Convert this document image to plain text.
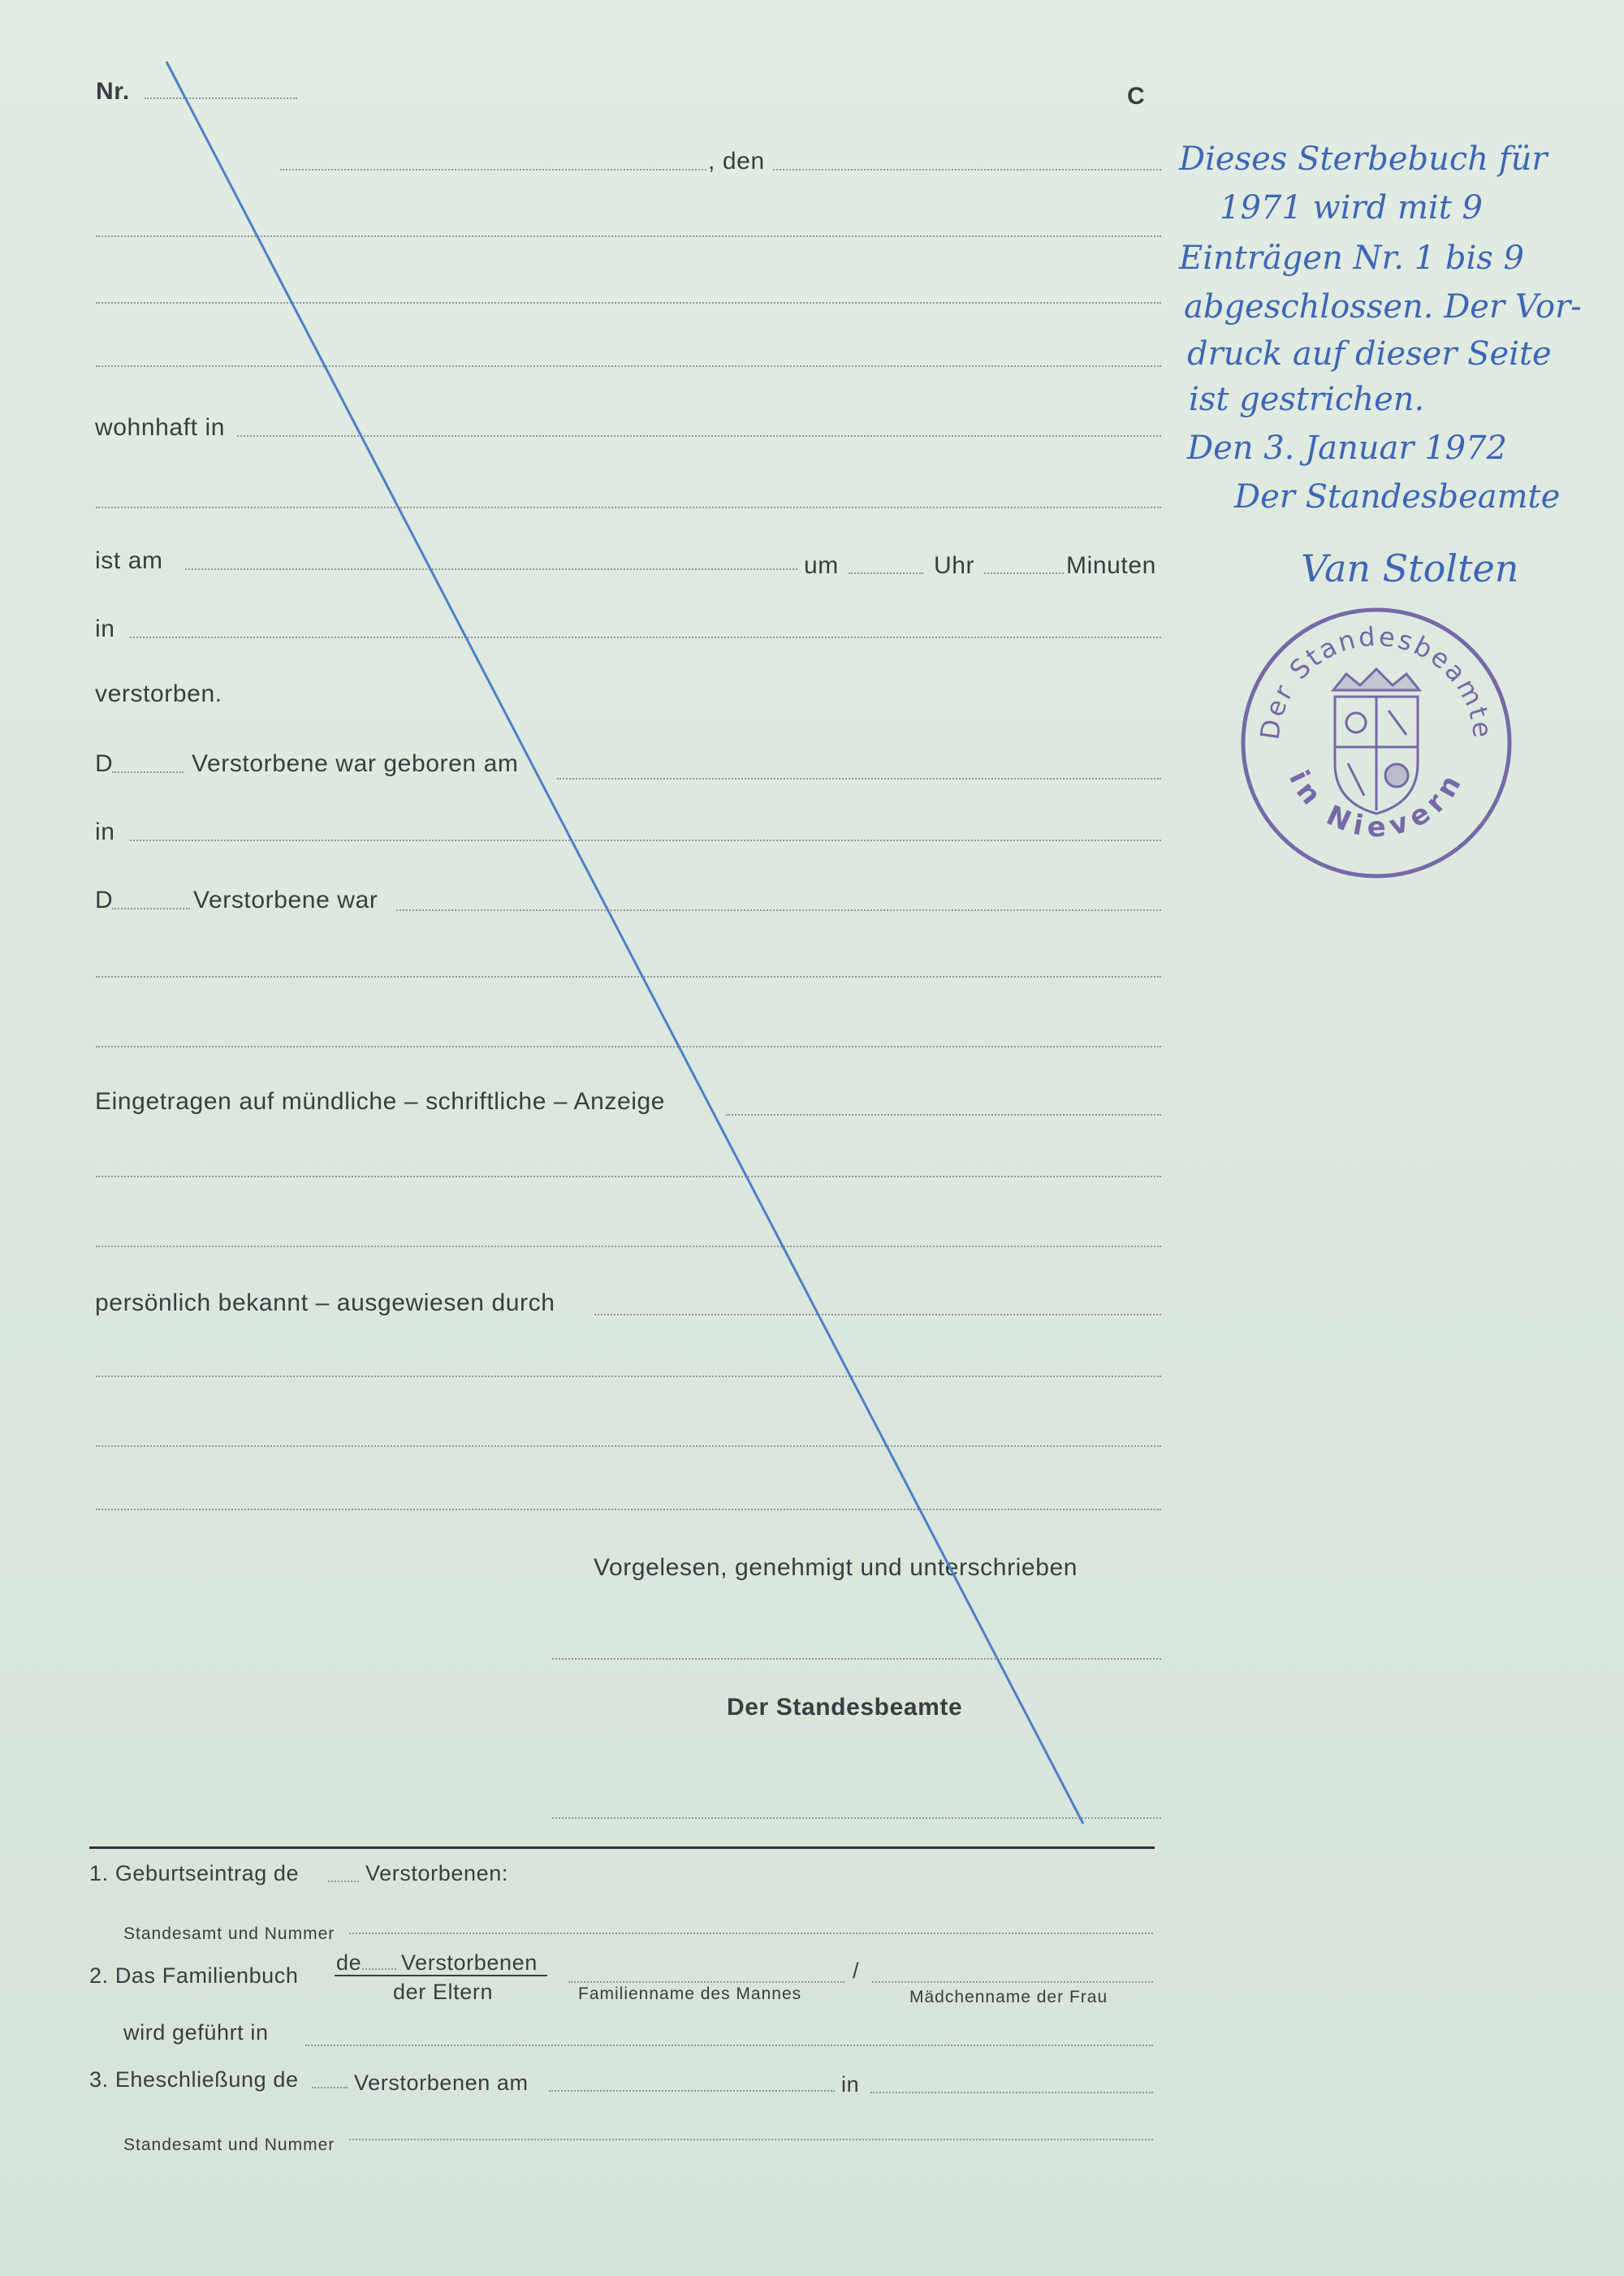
Nr.	C
, den
wohnhaft in
ist am	um	Uhr	Minuten
in
verstorben.
D	Verstorbene war geboren am
in
D	Verstorbene war
Eingetragen auf mündliche – schriftliche – Anzeige
persönlich bekannt – ausgewiesen durch
Vorgelesen, genehmigt und unterschrieben
Der Standesbeamte
1. Geburtseintrag de	Verstorbenen:
Standesamt und Nummer
2. Das Familienbuch
de Verstorbenen
der Eltern	Familienname des Mannes
/
Mädchenname der Frau
wird geführt in
3. Eheschließung de	Verstorbenen am	in
Standesamt und Nummer
Dieses Sterbebuch für
1971 wird mit 9
Einträgen Nr. 1 bis 9
abgeschlossen. Der Vor-
druck auf dieser Seite
ist gestrichen.
Den 3. Januar 1972
Der Standesbeamte
Van Stolten
Der Standesbeamte
in Nievern
